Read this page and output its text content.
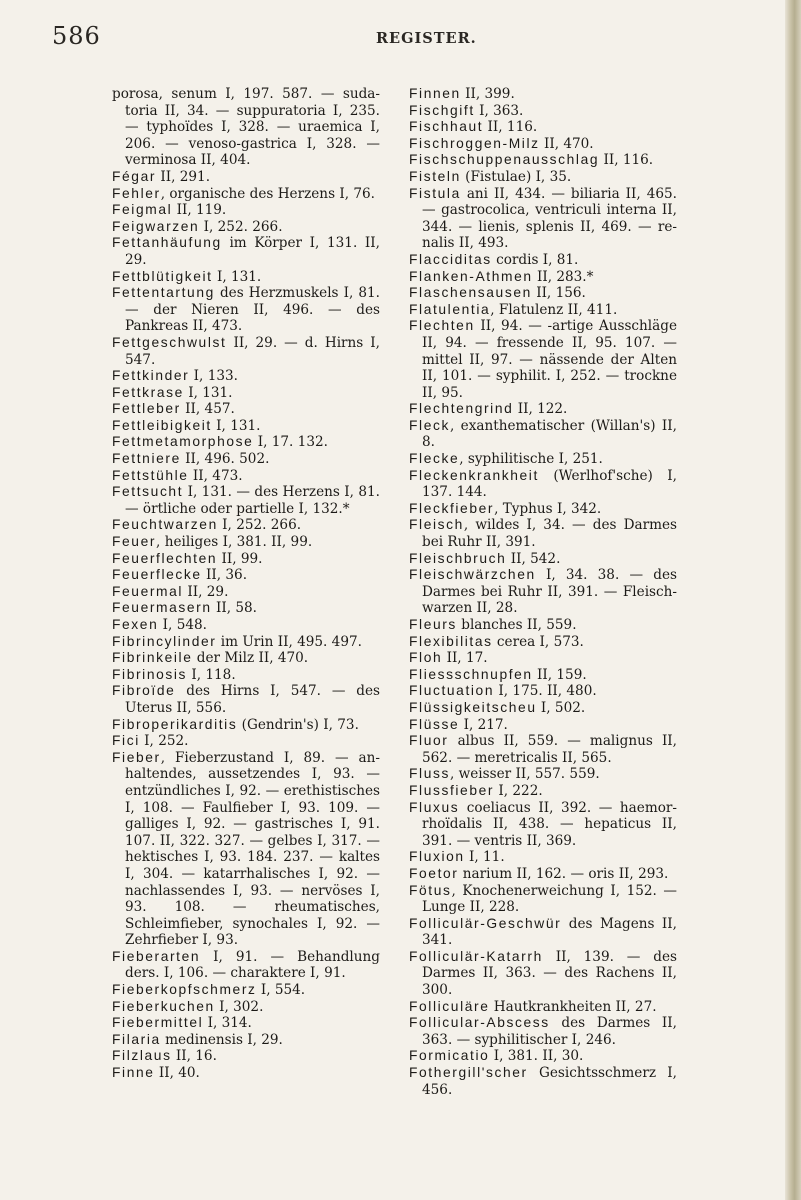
586	REGISTER.
porosa, senum I, 197. 587. — suda-toria II, 34. — suppuratoria I, 235. — typhoïdes I, 328. — uraemica I, 206. — venoso-gastrica I, 328. — verminosa II, 404.
Fégar II, 291.
Fehler, organische des Herzens I, 76.
Feigmal II, 119.
Feigwarzen I, 252. 266.
Fettanhäufung im Körper I, 131. II, 29.
Fettblütigkeit I, 131.
Fettentartung des Herzmuskels I, 81. — der Nieren II, 496. — des Pankreas II, 473.
Fettgeschwulst II, 29. — d. Hirns I, 547.
Fettkinder I, 133.
Fettkrase I, 131.
Fettleber II, 457.
Fettleibigkeit I, 131.
Fettmetamorphose I, 17. 132.
Fettniere II, 496. 502.
Fettstühle II, 473.
Fettsucht I, 131. — des Herzens I, 81. — örtliche oder partielle I, 132.*
Feuchtwarzen I, 252. 266.
Feuer, heiliges I, 381. II, 99.
Feuerflechten II, 99.
Feuerflecke II, 36.
Feuermal II, 29.
Feuermasern II, 58.
Fexen I, 548.
Fibrincylinder im Urin II, 495. 497.
Fibrinkeile der Milz II, 470.
Fibrinosis I, 118.
Fibroïde des Hirns I, 547. — des Uterus II, 556.
Fibroperikarditis (Gendrin's) I, 73.
Fici I, 252.
Fieber, Fieberzustand I, 89. — an-haltendes, aussetzendes I, 93. — entzündliches I, 92. — erethistisches I, 108. — Faulfieber I, 93. 109. — galliges I, 92. — gastrisches I, 91. 107. II, 322. 327. — gelbes I, 317. — hektisches I, 93. 184. 237. — kaltes I, 304. — katarrhalisches I, 92. — nachlassendes I, 93. — nervöses I, 93. 108. — rheumatisches, Schleimfieber, synochales I, 92. — Zehrfieber I, 93.
Fieberarten I, 91. — Behandlung ders. I, 106. — charaktere I, 91.
Fieberkopfschmerz I, 554.
Fieberkuchen I, 302.
Fiebermittel I, 314.
Filaria medinensis I, 29.
Filzlaus II, 16.
Finne II, 40.
Finnen II, 399.
Fischgift I, 363.
Fischhaut II, 116.
Fischroggen-Milz II, 470.
Fischschuppenausschlag II, 116.
Fisteln (Fistulae) I, 35.
Fistula ani II, 434. — biliaria II, 465. — gastrocolica, ventriculi interna II, 344. — lienis, splenis II, 469. — re-nalis II, 493.
Flacciditas cordis I, 81.
Flanken-Athmen II, 283.*
Flaschensausen II, 156.
Flatulentia, Flatulenz II, 411.
Flechten II, 94. — -artige Ausschläge II, 94. — fressende II, 95. 107. — mittel II, 97. — nässende der Alten II, 101. — syphilit. I, 252. — trockne II, 95.
Flechtengrind II, 122.
Fleck, exanthematischer (Willan's) II, 8.
Flecke, syphilitische I, 251.
Fleckenkrankheit (Werlhof'sche) I, 137. 144.
Fleckfieber, Typhus I, 342.
Fleisch, wildes I, 34. — des Darmes bei Ruhr II, 391.
Fleischbruch II, 542.
Fleischwärzchen I, 34. 38. — des Darmes bei Ruhr II, 391. — Fleisch-warzen II, 28.
Fleurs blanches II, 559.
Flexibilitas cerea I, 573.
Floh II, 17.
Fliessschnupfen II, 159.
Fluctuation I, 175. II, 480.
Flüssigkeitscheu I, 502.
Flüsse I, 217.
Fluor albus II, 559. — malignus II, 562. — meretricalis II, 565.
Fluss, weisser II, 557. 559.
Flussfieber I, 222.
Fluxus coeliacus II, 392. — haemor-rhoïdalis II, 438. — hepaticus II, 391. — ventris II, 369.
Fluxion I, 11.
Foetor narium II, 162. — oris II, 293.
Fötus, Knochenerweichung I, 152. — Lunge II, 228.
Folliculär-Geschwür des Magens II, 341.
Folliculär-Katarrh II, 139. — des Darmes II, 363. — des Rachens II, 300.
Folliculäre Hautkrankheiten II, 27.
Follicular-Abscess des Darmes II, 363. — syphilitischer I, 246.
Formicatio I, 381. II, 30.
Fothergill'scher Gesichtsschmerz I, 456.
